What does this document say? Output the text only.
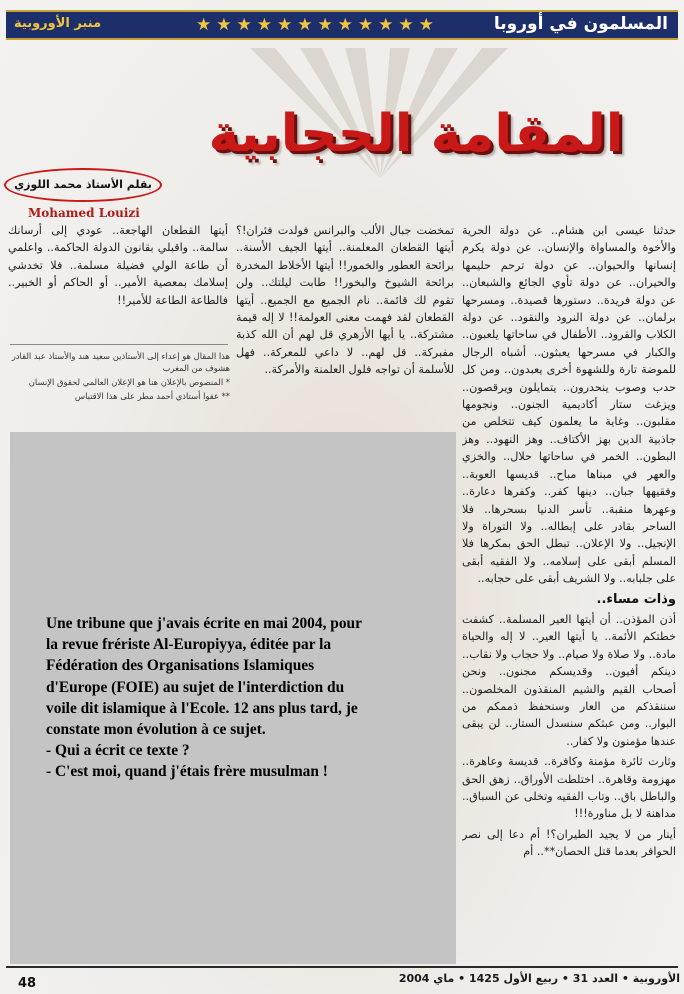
منبر الأوروبية	★★★★★★★★★★★★	المسلمون في أوروبا
المقامة الحجابية
بقلم الأستاذ محمد اللوزي
Mohamed Louizi

حدثنا عيسى ابن هشام.. عن دولة الحرية والأخوة والمساواة والإنسان.. عن دولة يكرم إنسانها والحيوان.. عن دولة ترحم حليمها والحيران.. عن دولة تأوي الجائع والشبعان.. عن دولة فريدة.. دستورها قصيدة.. ومسرحها برلمان.. عن دولة النرود والنقود.. عن دولة الكلاب والقرود.. الأطفال في ساحاتها يلعبون.. والكبار في مسرحها يعبثون.. أشباه الرجال للموضة تارة وللشهوة أخرى يعبدون.. ومن كل حدب وصوب ينحدرون.. يتمايلون ويرقصون.. ويزغت ستار أكاديمية الجنون.. ونجومها مقلبون.. وغاية ما يعلمون كيف تتخلص من جاذبية الدين بهز الأكتاف.. وهز النهود.. وهز البطون.. الخمر في ساحاتها حلال.. والخزي والعهر في مبناها مباح.. قديسها العوبة.. وفقيهها جبان.. دينها كفر.. وكفرها دعارة.. وعهرها منقبة.. تأسر الدنيا بسحرها.. فلا الساحر بقادر على إبطاله.. ولا التوراة ولا الإنجيل.. ولا الإعلان.. تبطل الحق بمكرها فلا المسلم أبقى على إسلامه.. ولا الفقيه أبقى على جلبابه.. ولا الشريف أبقى على حجابه..

وذات مساء..

أذن المؤذن.. أن أيتها العير المسلمة.. كشفت خطتكم الأئمة.. يا أيتها العير.. لا إله والحياة مادة.. ولا صلاة ولا صيام.. ولا حجاب ولا نقاب.. دينكم أفيون.. وقديسكم مجنون.. ونحن أصحاب القيم والشيم المنقذون المخلصون.. سننقذكم من العار وسنحفظ ذممكم من البوار.. ومن عبثكم سنسدل الستار.. لن يبقى عندها مؤمنون ولا كفار..

وثارت ثائرة مؤمنة وكافرة.. قديسة وعاهرة.. مهزومة وقاهرة.. اختلطت الأوراق.. زهق الحق والباطل باق.. وتاب الفقيه وتخلى عن السباق.. مداهنة لا بل مناورة!!!

أينار من لا يجيد الطيران؟! أم دعا إلى نصر الحوافر بعدما قتل الحصان**.. أم

تمخضت جبال الألب والبرانس فولدت فئران!؟ أيتها القطعان المعلمنة.. أيتها الجيف الأسنة.. برائحة العطور والخمور!! أيتها الأخلاط المخدرة برائحة الشيوخ والبخور!! طابت ليلتك.. ولن تقوم لك قائمة.. نام الجميع مع الجميع.. أيتها القطعان لقد فهمت معنى العولمة!! لا إله قيمة مشتركة.. يا أيها الأزهري قل لهم أن الله كذبة مفبركة.. قل لهم.. لا داعي للمعركة.. فهل للأسلمة أن تواجه فلول العلمنة والأمركة..

أيتها القطعان الهاجعة.. عودي إلى أرسانك سالمة.. واقبلي بقانون الدولة الحاكمة.. واعلمي أن طاعة الولي فضيلة مسلمة.. فلا تخدشي إسلامك بمعصية الأمير.. أو الحاكم أو الخبير.. فالطاعة الطاعة للأمير!!

هذا المقال هو إعداء إلى الأستاذين سعيد هند والأستاذ عبد القادر هشوف من المغرب

* المنصوص بالإعلان هنا هو الإعلان العالمي لحقوق الإنسان

** عفوا أستاذي أحمد مطر على هذا الاقتباس

Une tribune que j'avais écrite en mai 2004, pour
la revue frériste Al-Europiyya, éditée par la
Fédération des Organisations Islamiques
d'Europe (FOIE) au sujet de l'interdiction du
voile dit islamique à l'Ecole. 12 ans plus tard, je
constate mon évolution à ce sujet.
- Qui a écrit ce texte ?
- C'est moi, quand j'étais frère musulman !
الأوروبية • العدد 31 • ربيع الأول 1425 • ماي 2004
48
